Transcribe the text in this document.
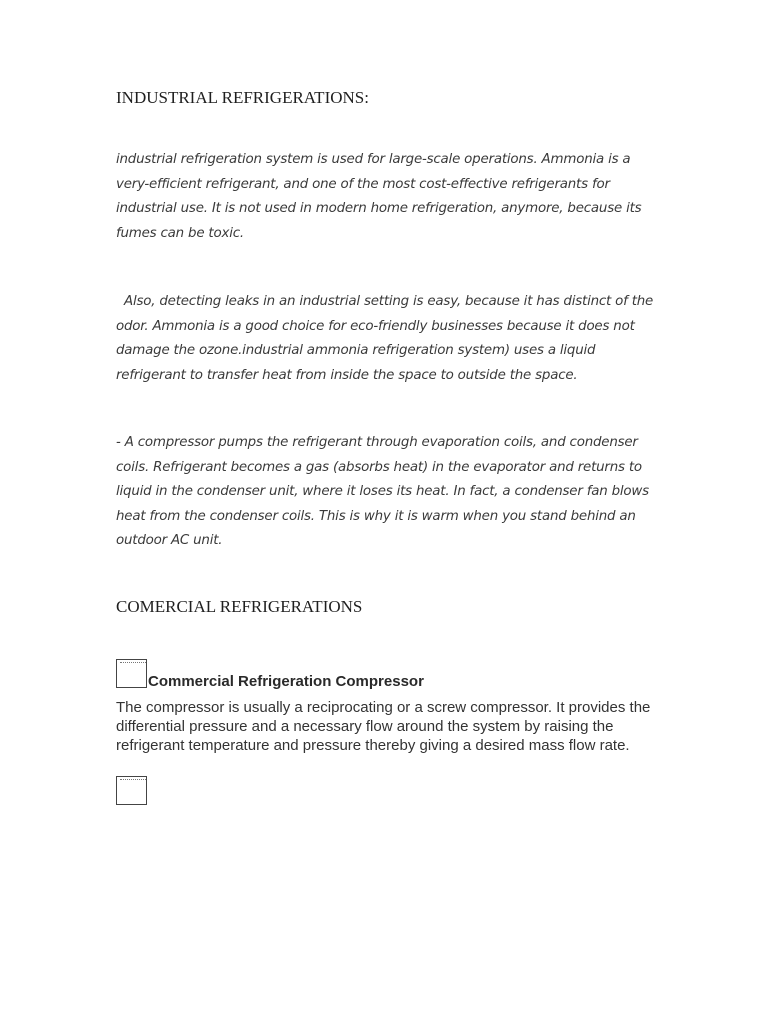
INDUSTRIAL REFRIGERATIONS:

industrial refrigeration system is used for large-scale operations. Ammonia is a very-efficient refrigerant, and one of the most cost-effective refrigerants for industrial use. It is not used in modern home refrigeration, anymore, because its fumes can be toxic.

Also, detecting leaks in an industrial setting is easy, because it has distinct of the odor. Ammonia is a good choice for eco-friendly businesses because it does not damage the ozone.industrial ammonia refrigeration system) uses a liquid refrigerant to transfer heat from inside the space to outside the space.

- A compressor pumps the refrigerant through evaporation coils, and condenser coils. Refrigerant becomes a gas (absorbs heat) in the evaporator and returns to liquid in the condenser unit, where it loses its heat. In fact, a condenser fan blows heat from the condenser coils. This is why it is warm when you stand behind an outdoor AC unit.

COMERCIAL REFRIGERATIONS
Commercial Refrigeration Compressor

The compressor is usually a reciprocating or a screw compressor. It provides the differential pressure and a necessary flow around the system by raising the refrigerant temperature and pressure thereby giving a desired mass flow rate.
